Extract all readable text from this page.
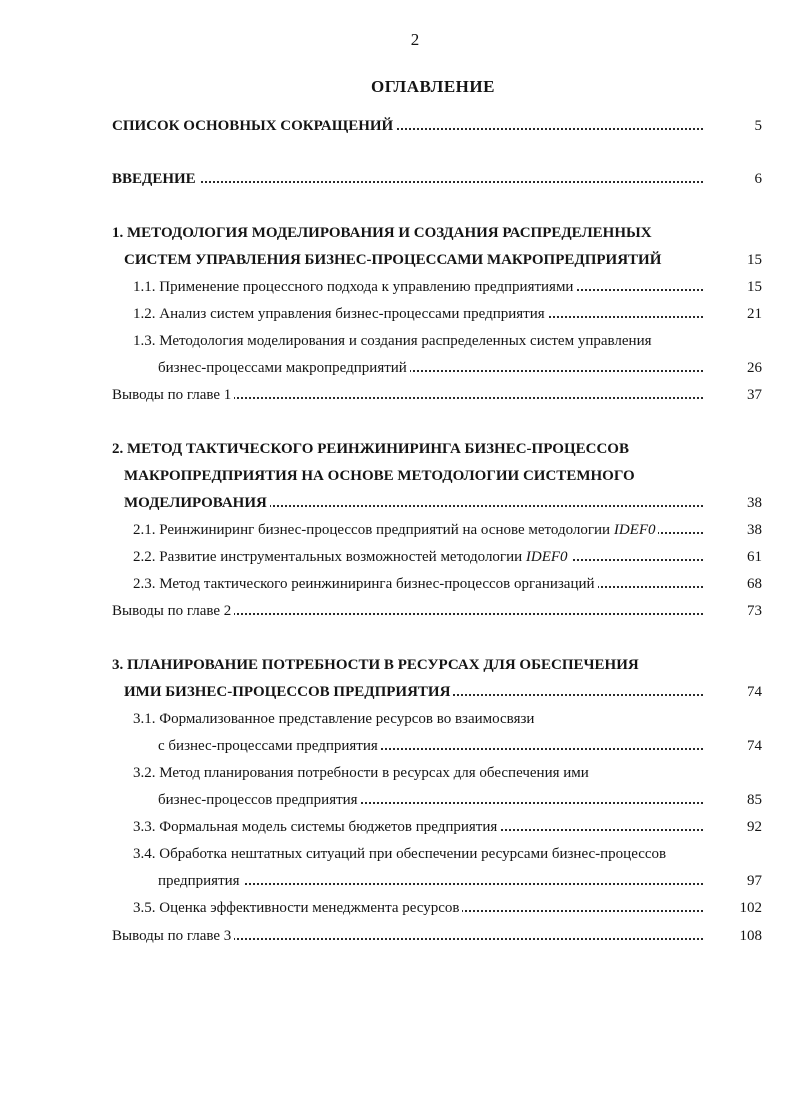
2
ОГЛАВЛЕНИЕ
СПИСОК ОСНОВНЫХ СОКРАЩЕНИЙ	5
ВВЕДЕНИЕ	6
1. МЕТОДОЛОГИЯ МОДЕЛИРОВАНИЯ И СОЗДАНИЯ РАСПРЕДЕЛЕННЫХ
СИСТЕМ УПРАВЛЕНИЯ БИЗНЕС-ПРОЦЕССАМИ МАКРОПРЕДПРИЯТИЙ	15
1.1. Применение процессного подхода к управлению предприятиями	15
1.2. Анализ систем управления бизнес-процессами предприятия	21
1.3. Методология моделирования и создания распределенных систем управления
бизнес-процессами макропредприятий	26
Выводы по главе 1	37
2. МЕТОД ТАКТИЧЕСКОГО РЕИНЖИНИРИНГА БИЗНЕС-ПРОЦЕССОВ
МАКРОПРЕДПРИЯТИЯ НА ОСНОВЕ МЕТОДОЛОГИИ СИСТЕМНОГО
МОДЕЛИРОВАНИЯ	38
2.1. Реинжиниринг бизнес-процессов предприятий на основе методологии IDEF0	38
2.2. Развитие инструментальных возможностей методологии IDEF0	61
2.3. Метод тактического реинжиниринга бизнес-процессов организаций	68
Выводы по главе 2	73
3. ПЛАНИРОВАНИЕ ПОТРЕБНОСТИ В РЕСУРСАХ ДЛЯ ОБЕСПЕЧЕНИЯ
ИМИ БИЗНЕС-ПРОЦЕССОВ ПРЕДПРИЯТИЯ	74
3.1. Формализованное представление ресурсов во взаимосвязи
с бизнес-процессами предприятия	74
3.2. Метод планирования потребности в ресурсах для обеспечения ими
бизнес-процессов предприятия	85
3.3. Формальная модель системы бюджетов предприятия	92
3.4. Обработка нештатных ситуаций при обеспечении ресурсами бизнес-процессов
предприятия	97
3.5. Оценка эффективности менеджмента ресурсов	102
Выводы по главе 3	108
